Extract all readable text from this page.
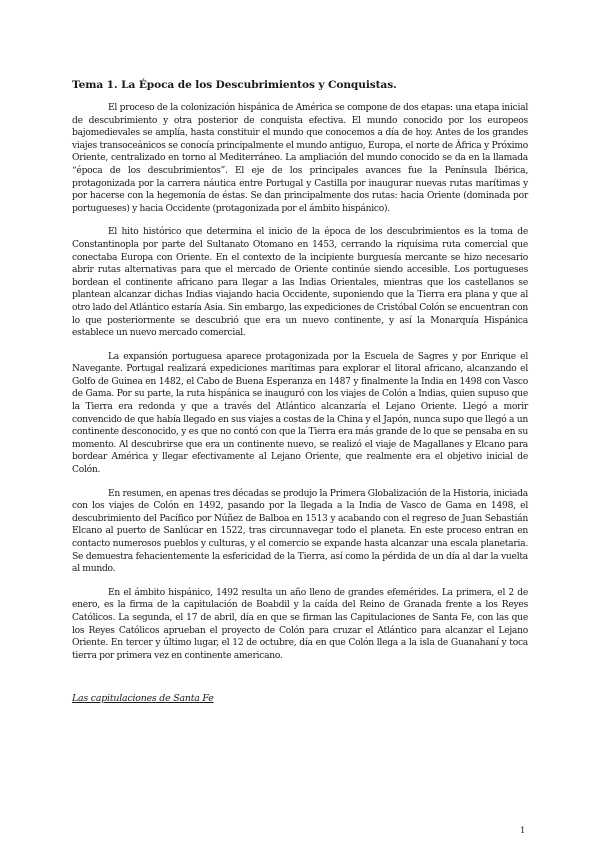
Tema 1. La Época de los Descubrimientos y Conquistas.

El proceso de la colonización hispánica de América se compone de dos etapas: una etapa inicial de descubrimiento y otra posterior de conquista efectiva. El mundo conocido por los europeos bajomedievales se amplía, hasta constituir el mundo que conocemos a día de hoy. Antes de los grandes viajes transoceánicos se conocía principalmente el mundo antiguo, Europa, el norte de África y Próximo Oriente, centralizado en torno al Mediterráneo. La ampliación del mundo conocido se da en la llamada “época de los descubrimientos”. El eje de los principales avances fue la Península Ibérica, protagonizada por la carrera náutica entre Portugal y Castilla por inaugurar nuevas rutas marítimas y por hacerse con la hegemonía de éstas. Se dan principalmente dos rutas: hacia Oriente (dominada por portugueses) y hacia Occidente (protagonizada por el ámbito hispánico).

El hito histórico que determina el inicio de la época de los descubrimientos es la toma de Constantinopla por parte del Sultanato Otomano en 1453, cerrando la riquísima ruta comercial que conectaba Europa con Oriente. En el contexto de la incipiente burguesía mercante se hizo necesario abrir rutas alternativas para que el mercado de Oriente continúe siendo accesible. Los portugueses bordean el continente africano para llegar a las Indias Orientales, mientras que los castellanos se plantean alcanzar dichas Indias viajando hacia Occidente, suponiendo que la Tierra era plana y que al otro lado del Atlántico estaría Asia. Sin embargo, las expediciones de Cristóbal Colón se encuentran con lo que posteriormente se descubrió que era un nuevo continente, y así la Monarquía Hispánica establece un nuevo mercado comercial.

La expansión portuguesa aparece protagonizada por la Escuela de Sagres y por Enrique el Navegante. Portugal realizará expediciones marítimas para explorar el litoral africano, alcanzando el Golfo de Guinea en 1482, el Cabo de Buena Esperanza en 1487 y finalmente la India en 1498 con Vasco de Gama. Por su parte, la ruta hispánica se inauguró con los viajes de Colón a Indias, quien supuso que la Tierra era redonda y que a través del Atlántico alcanzaría el Lejano Oriente. Llegó a morir convencido de que había llegado en sus viajes a costas de la China y el Japón, nunca supo que llegó a un continente desconocido, y es que no contó con que la Tierra era más grande de lo que se pensaba en su momento. Al descubrirse que era un continente nuevo, se realizó el viaje de Magallanes y Elcano para bordear América y llegar efectivamente al Lejano Oriente, que realmente era el objetivo inicial de Colón.

En resumen, en apenas tres décadas se produjo la Primera Globalización de la Historia, iniciada con los viajes de Colón en 1492, pasando por la llegada a la India de Vasco de Gama en 1498, el descubrimiento del Pacífico por Núñez de Balboa en 1513 y acabando con el regreso de Juan Sebastián Elcano al puerto de Sanlúcar en 1522, tras circunnavegar todo el planeta. En este proceso entran en contacto numerosos pueblos y culturas, y el comercio se expande hasta alcanzar una escala planetaria. Se demuestra fehacientemente la esfericidad de la Tierra, así como la pérdida de un día al dar la vuelta al mundo.

En el ámbito hispánico, 1492 resulta un año lleno de grandes efemérides. La primera, el 2 de enero, es la firma de la capitulación de Boabdil y la caída del Reino de Granada frente a los Reyes Católicos. La segunda, el 17 de abril, día en que se firman las Capitulaciones de Santa Fe, con las que los Reyes Católicos aprueban el proyecto de Colón para cruzar el Atlántico para alcanzar el Lejano Oriente. En tercer y último lugar, el 12 de octubre, día en que Colón llega a la isla de Guanahaní y toca tierra por primera vez en continente americano.

Las capitulaciones de Santa Fe
1
